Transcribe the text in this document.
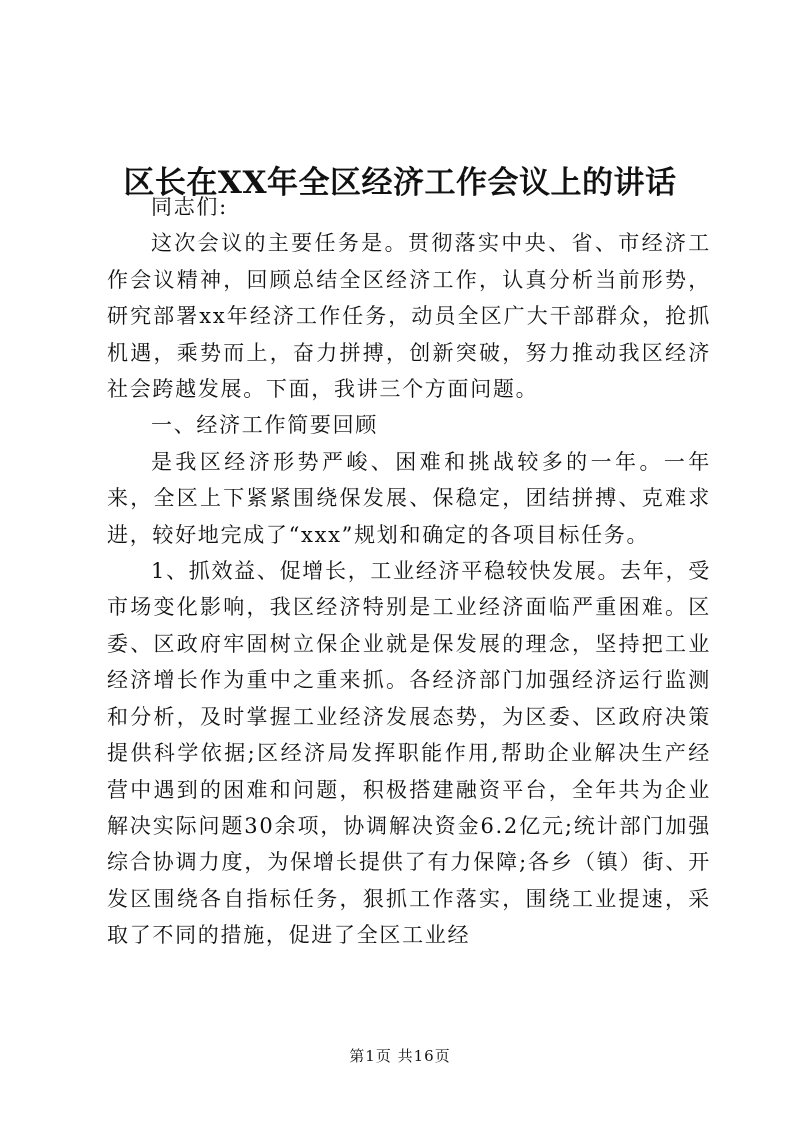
区长在XX年全区经济工作会议上的讲话

同志们:

这次会议的主要任务是。贯彻落实中央、省、市经济工作会议精神，回顾总结全区经济工作，认真分析当前形势，研究部署xx年经济工作任务，动员全区广大干部群众，抢抓机遇，乘势而上，奋力拼搏，创新突破，努力推动我区经济社会跨越发展。下面，我讲三个方面问题。

一、经济工作简要回顾

是我区经济形势严峻、困难和挑战较多的一年。一年来，全区上下紧紧围绕保发展、保稳定，团结拼搏、克难求进，较好地完成了“xxx”规划和确定的各项目标任务。

1、抓效益、促增长，工业经济平稳较快发展。去年，受市场变化影响，我区经济特别是工业经济面临严重困难。区委、区政府牢固树立保企业就是保发展的理念，坚持把工业经济增长作为重中之重来抓。各经济部门加强经济运行监测和分析，及时掌握工业经济发展态势，为区委、区政府决策提供科学依据;区经济局发挥职能作用,帮助企业解决生产经营中遇到的困难和问题，积极搭建融资平台，全年共为企业解决实际问题30余项，协调解决资金6.2亿元;统计部门加强综合协调力度，为保增长提供了有力保障;各乡（镇）街、开发区围绕各自指标任务，狠抓工作落实，围绕工业提速，采取了不同的措施，促进了全区工业经

第1页 共16页
